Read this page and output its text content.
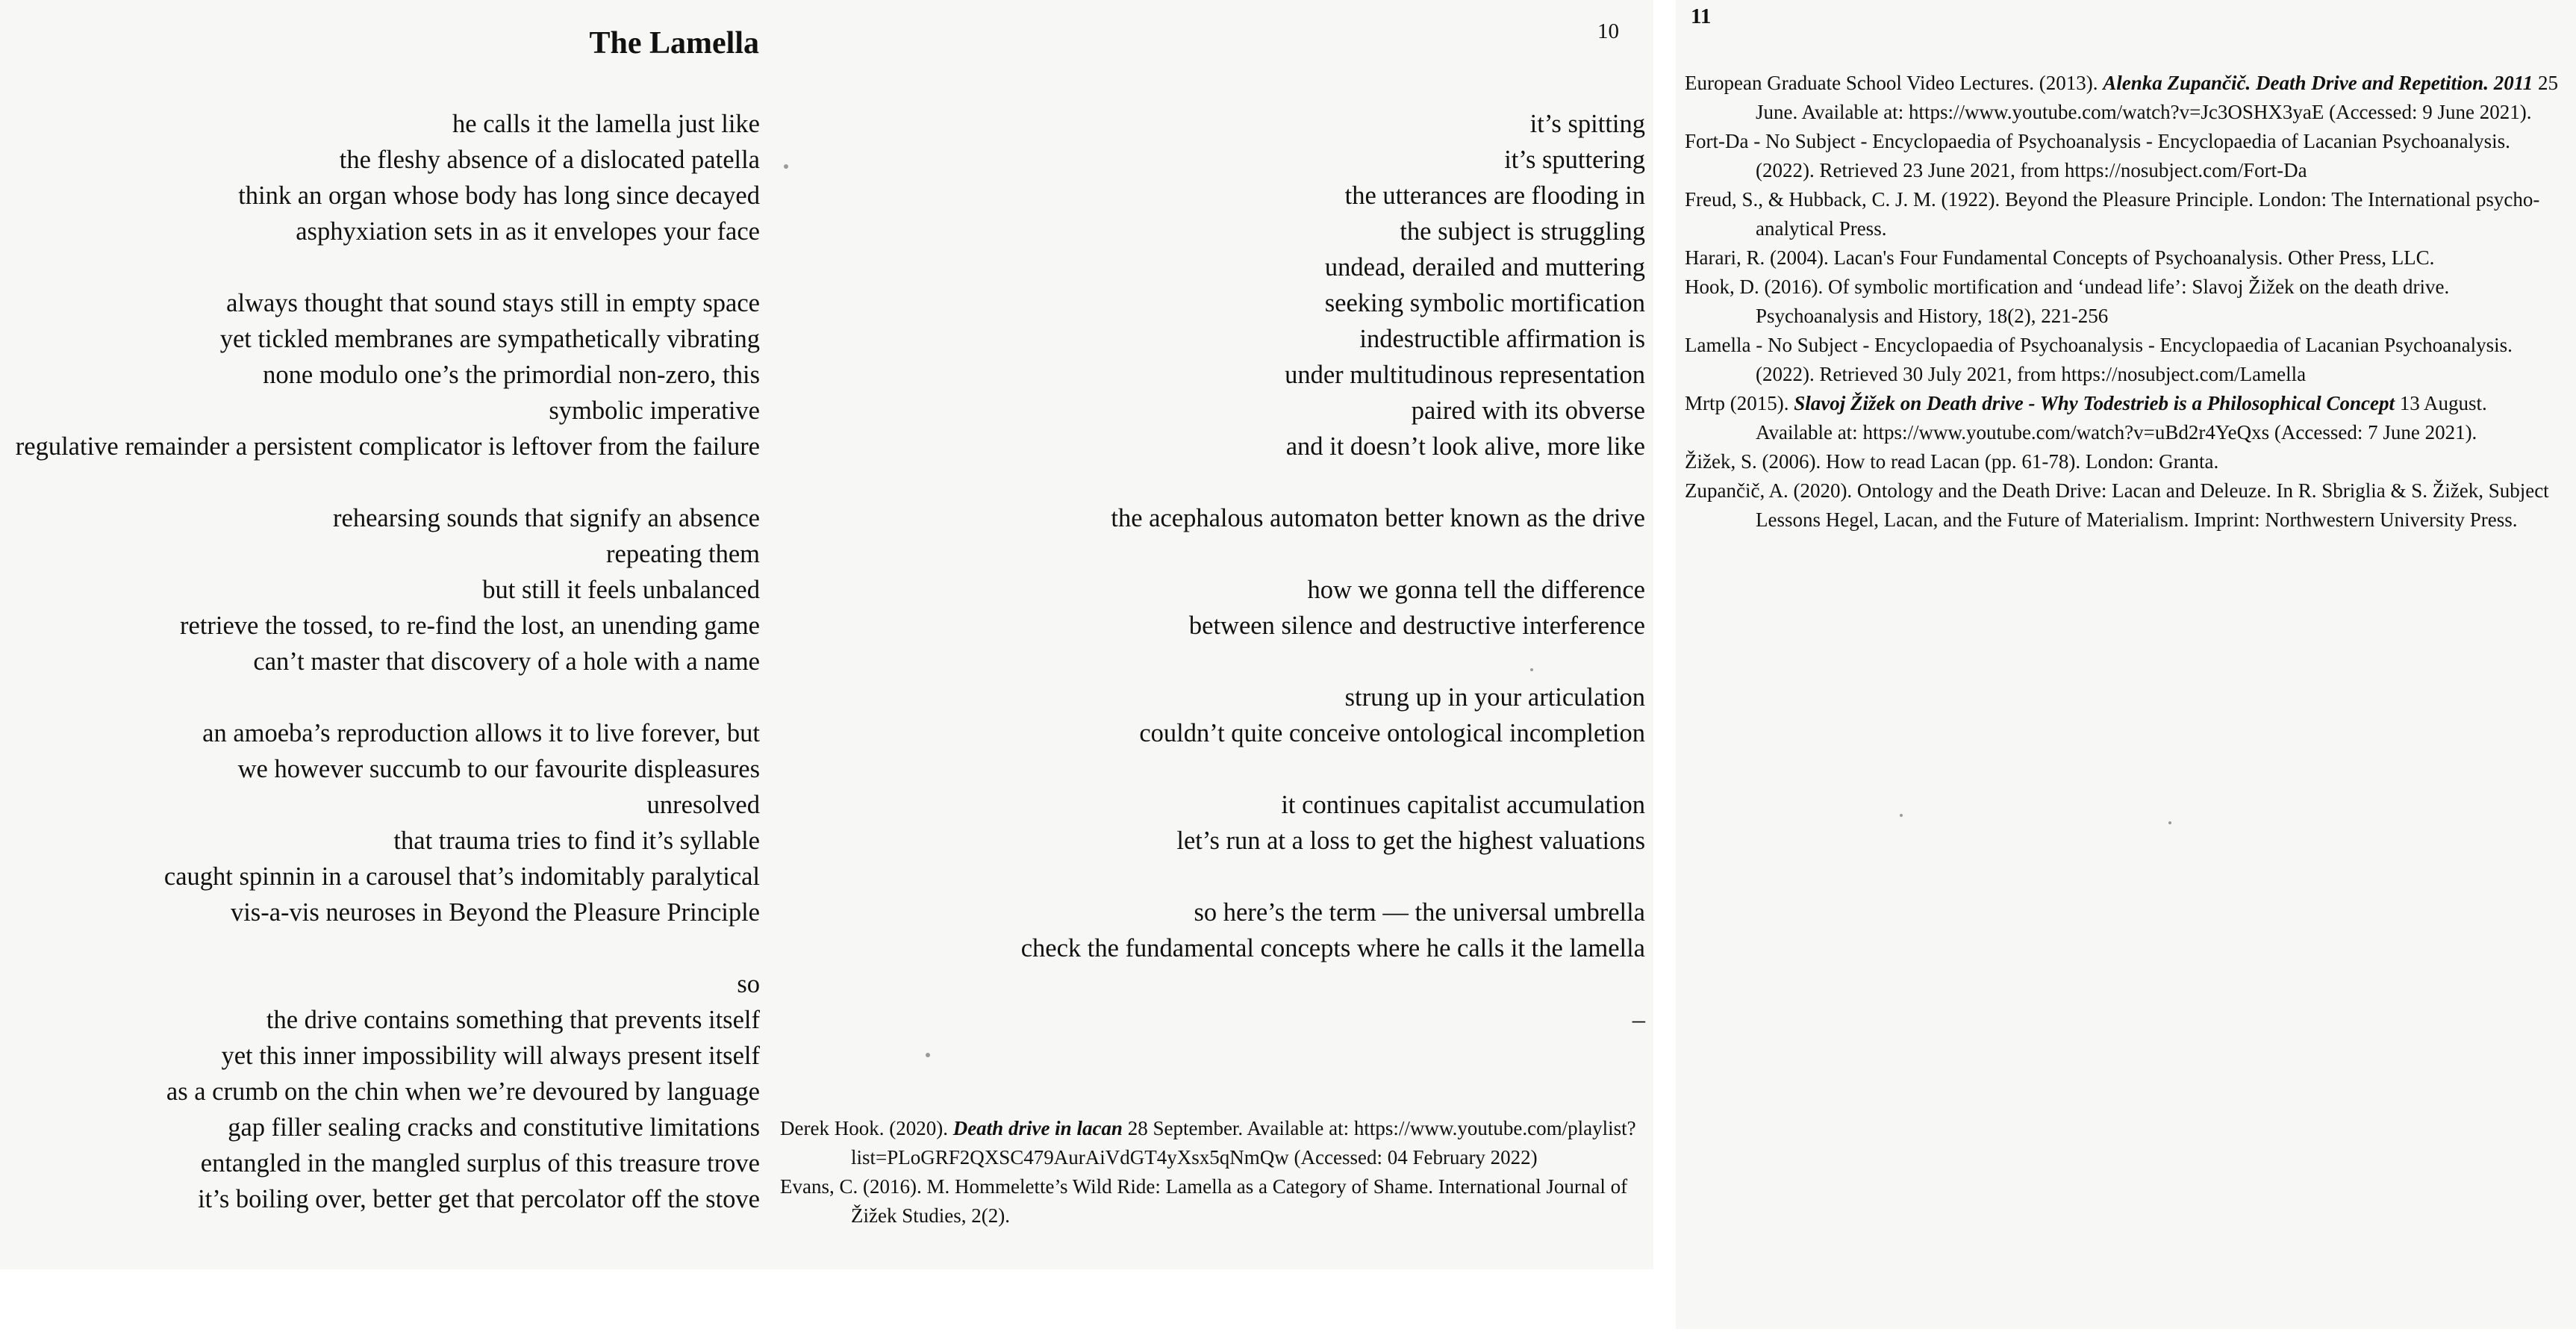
The Lamella	10
he calls it the lamella just like
the fleshy absence of a dislocated patella
think an organ whose body has long since decayed
asphyxiation sets in as it envelopes your face
always thought that sound stays still in empty space
yet tickled membranes are sympathetically vibrating
none modulo one’s the primordial non-zero, this
symbolic imperative
regulative remainder a persistent complicator is leftover from the failure
rehearsing sounds that signify an absence
repeating them
but still it feels unbalanced
retrieve the tossed, to re-find the lost, an unending game
can’t master that discovery of a hole with a name
an amoeba’s reproduction allows it to live forever, but
we however succumb to our favourite displeasures
unresolved
that trauma tries to find it’s syllable
caught spinnin in a carousel that’s indomitably paralytical
vis-a-vis neuroses in Beyond the Pleasure Principle
so
the drive contains something that prevents itself
yet this inner impossibility will always present itself
as a crumb on the chin when we’re devoured by language
gap filler sealing cracks and constitutive limitations
entangled in the mangled surplus of this treasure trove
it’s boiling over, better get that percolator off the stove
it’s spitting
it’s sputtering
the utterances are flooding in
the subject is struggling
undead, derailed and muttering
seeking symbolic mortification
indestructible affirmation is
under multitudinous representation
paired with its obverse
and it doesn’t look alive, more like
the acephalous automaton better known as the drive
how we gonna tell the difference
between silence and destructive interference
strung up in your articulation
couldn’t quite conceive ontological incompletion
it continues capitalist accumulation
let’s run at a loss to get the highest valuations
so here’s the term — the universal umbrella
check the fundamental concepts where he calls it the lamella
–
Derek Hook. (2020). Death drive in lacan 28 September. Available at: https://www.youtube.com/playlist?list=PLoGRF2QXSC479AurAiVdGT4yXsx5qNmQw (Accessed: 04 February 2022)
Evans, C. (2016). M. Hommelette’s Wild Ride: Lamella as a Category of Shame. International Journal of Žižek Studies, 2(2).
11
European Graduate School Video Lectures. (2013). Alenka Zupančič. Death Drive and Repetition. 2011 25 June. Available at: https://www.youtube.com/watch?v=Jc3OSHX3yaE (Accessed: 9 June 2021).
Fort-Da - No Subject - Encyclopaedia of Psychoanalysis - Encyclopaedia of Lacanian Psychoanalysis. (2022). Retrieved 23 June 2021, from https://nosubject.com/Fort-Da
Freud, S., & Hubback, C. J. M. (1922). Beyond the Pleasure Principle. London: The International psycho-analytical Press.
Harari, R. (2004). Lacan's Four Fundamental Concepts of Psychoanalysis. Other Press, LLC.
Hook, D. (2016). Of symbolic mortification and ‘undead life’: Slavoj Žižek on the death drive. Psychoanalysis and History, 18(2), 221-256
Lamella - No Subject - Encyclopaedia of Psychoanalysis - Encyclopaedia of Lacanian Psychoanalysis. (2022). Retrieved 30 July 2021, from https://nosubject.com/Lamella
Mrtp (2015). Slavoj Žižek on Death drive - Why Todestrieb is a Philosophical Concept 13 August. Available at: https://www.youtube.com/watch?v=uBd2r4YeQxs (Accessed: 7 June 2021).
Žižek, S. (2006). How to read Lacan (pp. 61-78). London: Granta.
Zupančič, A. (2020). Ontology and the Death Drive: Lacan and Deleuze. In R. Sbriglia & S. Žižek, Subject Lessons Hegel, Lacan, and the Future of Materialism. Imprint: Northwestern University Press.
